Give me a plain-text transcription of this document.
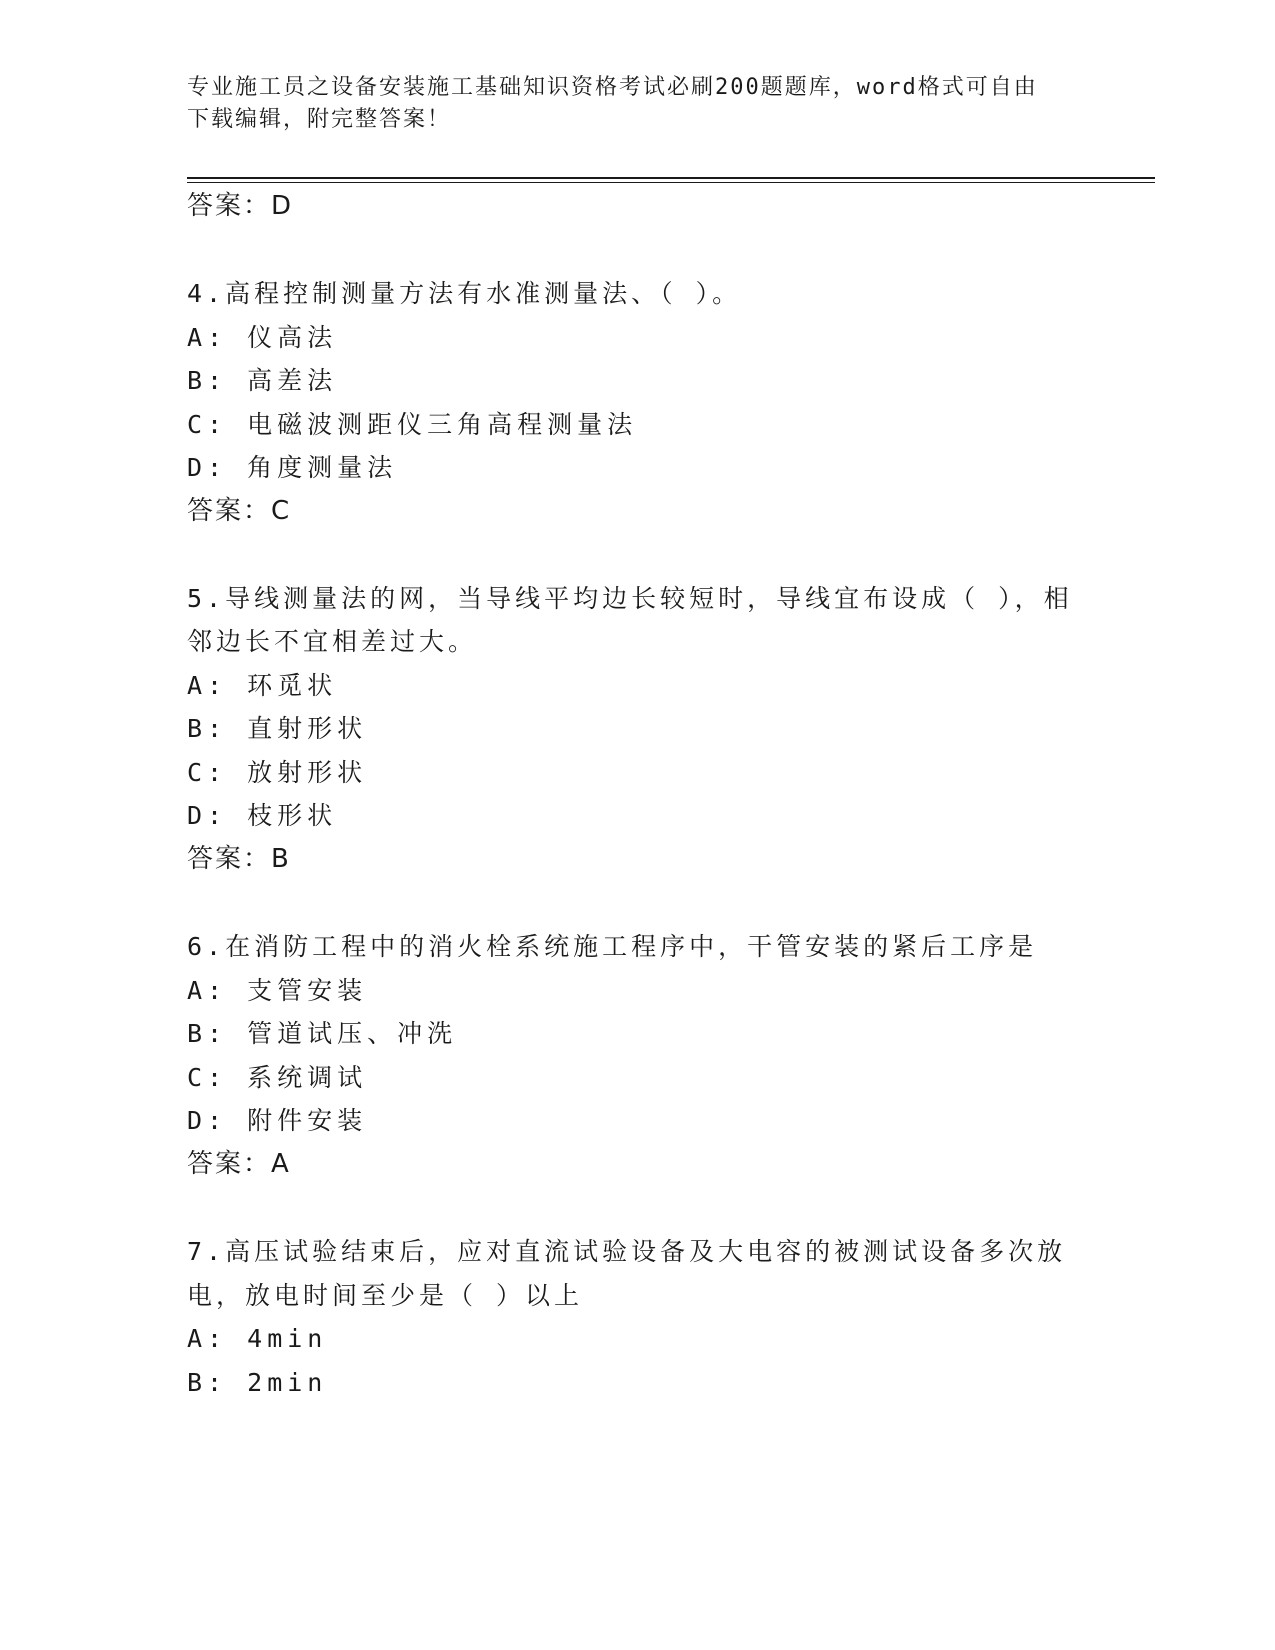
专业施工员之设备安装施工基础知识资格考试必刷200题题库，word格式可自由
下载编辑，附完整答案！
答案：D
4.高程控制测量方法有水准测量法、（ ）。
A: 仪高法
B: 高差法
C: 电磁波测距仪三角高程测量法
D: 角度测量法
答案：C
5.导线测量法的网，当导线平均边长较短时，导线宜布设成（ ），相
邻边长不宜相差过大。
A: 环觅状
B: 直射形状
C: 放射形状
D: 枝形状
答案：B
6.在消防工程中的消火栓系统施工程序中，干管安装的紧后工序是
A: 支管安装
B: 管道试压、冲洗
C: 系统调试
D: 附件安装
答案：A
7.高压试验结束后，应对直流试验设备及大电容的被测试设备多次放
电，放电时间至少是（ ）以上
A: 4min
B: 2min
